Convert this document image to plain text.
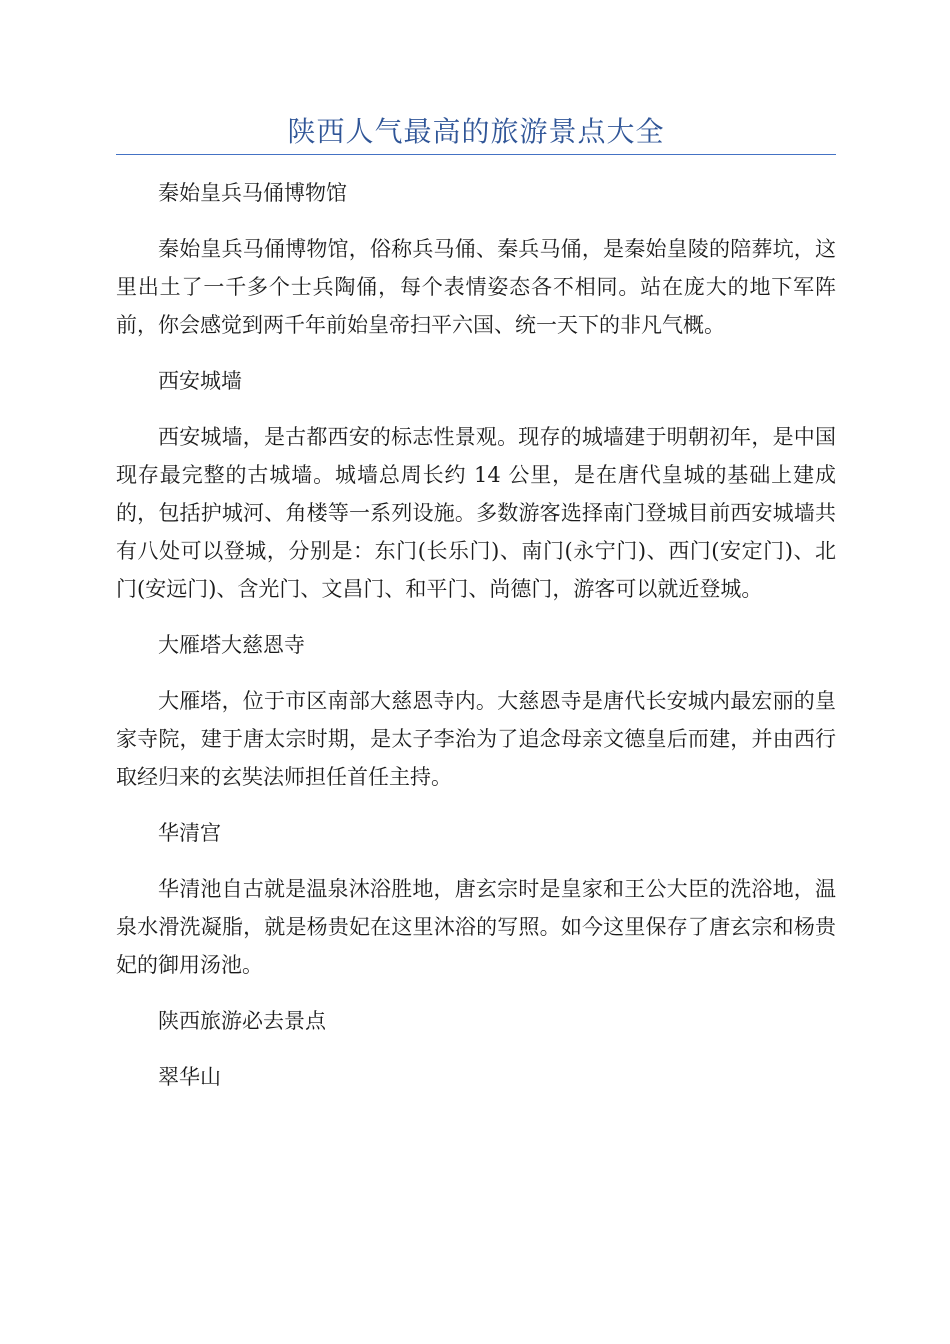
陕西人气最高的旅游景点大全

秦始皇兵马俑博物馆

秦始皇兵马俑博物馆，俗称兵马俑、秦兵马俑，是秦始皇陵的陪葬坑，这里出土了一千多个士兵陶俑，每个表情姿态各不相同。站在庞大的地下军阵前，你会感觉到两千年前始皇帝扫平六国、统一天下的非凡气概。

西安城墙

西安城墙，是古都西安的标志性景观。现存的城墙建于明朝初年，是中国现存最完整的古城墙。城墙总周长约 14 公里，是在唐代皇城的基础上建成的，包括护城河、角楼等一系列设施。多数游客选择南门登城目前西安城墙共有八处可以登城，分别是：东门(长乐门)、南门(永宁门)、西门(安定门)、北门(安远门)、含光门、文昌门、和平门、尚德门，游客可以就近登城。

大雁塔大慈恩寺

大雁塔，位于市区南部大慈恩寺内。大慈恩寺是唐代长安城内最宏丽的皇家寺院，建于唐太宗时期，是太子李治为了追念母亲文德皇后而建，并由西行取经归来的玄奘法师担任首任主持。

华清宫

华清池自古就是温泉沐浴胜地，唐玄宗时是皇家和王公大臣的洗浴地，温泉水滑洗凝脂，就是杨贵妃在这里沐浴的写照。如今这里保存了唐玄宗和杨贵妃的御用汤池。

陕西旅游必去景点

翠华山
